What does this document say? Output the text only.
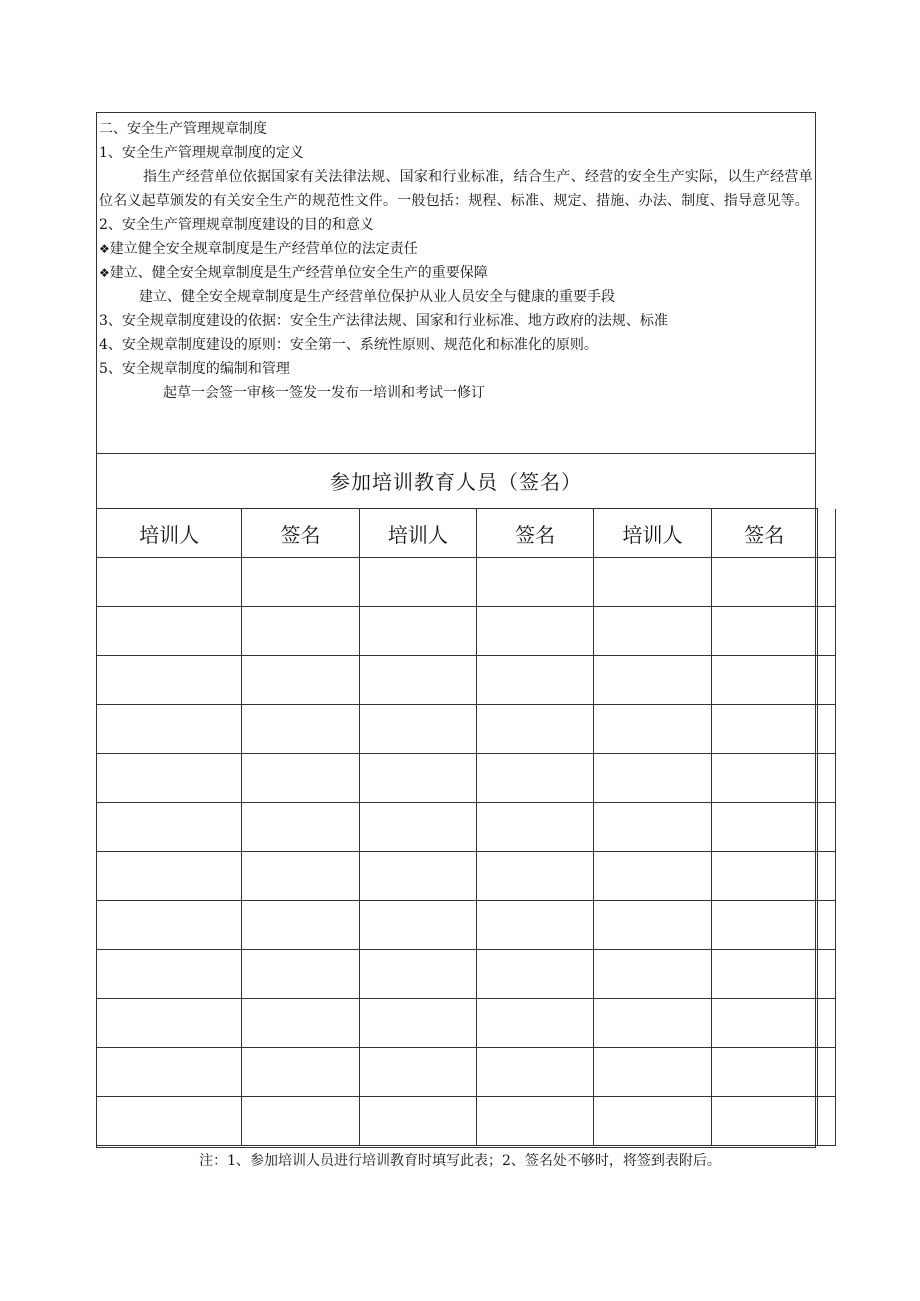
二、安全生产管理规章制度
1、安全生产管理规章制度的定义
指生产经营单位依据国家有关法律法规、国家和行业标准，结合生产、经营的安全生产实际，以生产经营单位名义起草颁发的有关安全生产的规范性文件。一般包括：规程、标准、规定、措施、办法、制度、指导意见等。
2、安全生产管理规章制度建设的目的和意义
❖建立健全安全规章制度是生产经营单位的法定责任
❖建立、健全安全规章制度是生产经营单位安全生产的重要保障
建立、健全安全规章制度是生产经营单位保护从业人员安全与健康的重要手段
3、安全规章制度建设的依据：安全生产法律法规、国家和行业标准、地方政府的法规、标准
4、安全规章制度建设的原则：安全第一、系统性原则、规范化和标准化的原则。
5、安全规章制度的编制和管理
起草一会签一审核一签发一发布一培训和考试一修订
参加培训教育人员（签名）
培训人	签名	培训人	签名	培训人	签名	

注：1、参加培训人员进行培训教育时填写此表；2、签名处不够时，将签到表附后。
